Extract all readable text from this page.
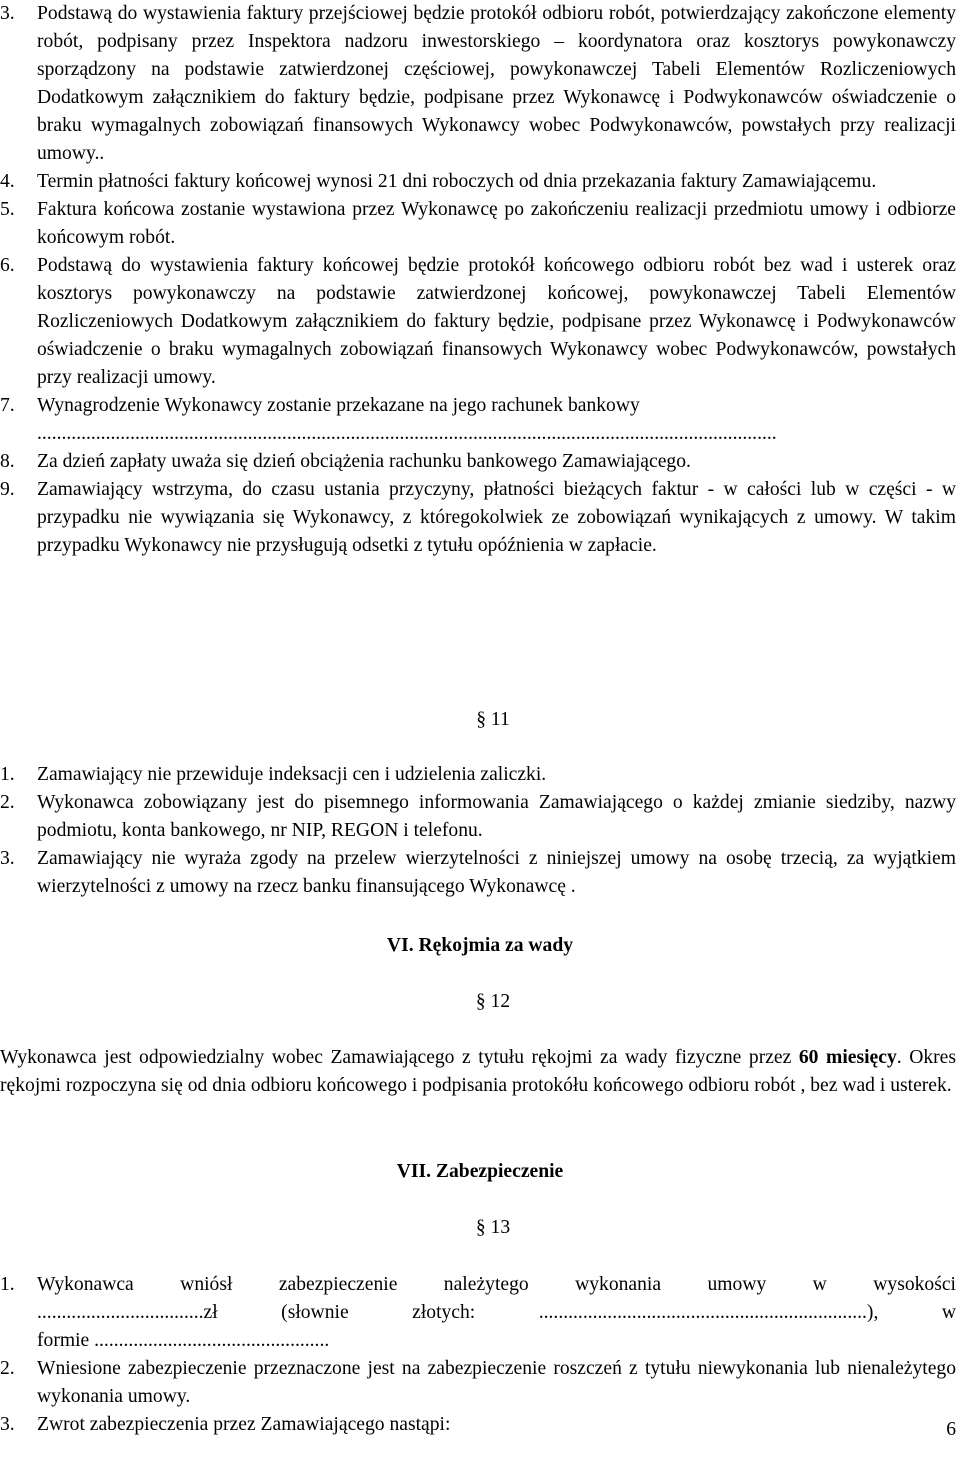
3. Podstawą do wystawienia faktury przejściowej będzie protokół odbioru robót, potwierdzający zakończone elementy robót, podpisany przez Inspektora nadzoru inwestorskiego – koordynatora oraz kosztorys powykonawczy sporządzony na podstawie zatwierdzonej częściowej, powykonawczej Tabeli Elementów Rozliczeniowych Dodatkowym załącznikiem do faktury będzie, podpisane przez Wykonawcę i Podwykonawców oświadczenie o braku wymagalnych zobowiązań finansowych Wykonawcy wobec Podwykonawców, powstałych przy realizacji umowy..
4. Termin płatności faktury końcowej wynosi 21 dni roboczych od dnia przekazania faktury Zamawiającemu.
5. Faktura końcowa zostanie wystawiona przez Wykonawcę po zakończeniu realizacji przedmiotu umowy i odbiorze końcowym robót.
6. Podstawą do wystawienia faktury końcowej będzie protokół końcowego odbioru robót bez wad i usterek oraz kosztorys powykonawczy na podstawie zatwierdzonej końcowej, powykonawczej Tabeli Elementów Rozliczeniowych Dodatkowym załącznikiem do faktury będzie, podpisane przez Wykonawcę i Podwykonawców oświadczenie o braku wymagalnych zobowiązań finansowych Wykonawcy wobec Podwykonawców, powstałych przy realizacji umowy.
7. Wynagrodzenie Wykonawcy zostanie przekazane na jego rachunek bankowy
.......................................................................................................................................................
8. Za dzień zapłaty uważa się dzień obciążenia rachunku bankowego Zamawiającego.
9. Zamawiający wstrzyma, do czasu ustania przyczyny, płatności bieżących faktur - w całości lub w części - w przypadku nie wywiązania się Wykonawcy, z któregokolwiek ze zobowiązań wynikających z umowy. W takim przypadku Wykonawcy nie przysługują odsetki z tytułu opóźnienia w zapłacie.
§ 11
1. Zamawiający nie przewiduje indeksacji cen i udzielenia zaliczki.
2. Wykonawca zobowiązany jest do pisemnego informowania Zamawiającego o każdej zmianie siedziby, nazwy podmiotu, konta bankowego, nr NIP, REGON i telefonu.
3. Zamawiający nie wyraża zgody na przelew wierzytelności z niniejszej umowy na osobę trzecią, za wyjątkiem wierzytelności z umowy na rzecz banku finansującego Wykonawcę .
VI. Rękojmia za wady
§ 12
Wykonawca jest odpowiedzialny wobec Zamawiającego z tytułu rękojmi za wady fizyczne przez 60 miesięcy. Okres rękojmi rozpoczyna się od dnia odbioru końcowego i podpisania protokółu końcowego odbioru robót , bez wad i usterek.
VII. Zabezpieczenie
§ 13
1. Wykonawca wniósł zabezpieczenie należytego wykonania umowy w wysokości
..................................zł (słownie złotych: ...................................................................), w
formie ................................................
2. Wniesione zabezpieczenie przeznaczone jest na zabezpieczenie roszczeń z tytułu niewykonania lub nienależytego wykonania umowy.
3. Zwrot zabezpieczenia przez Zamawiającego nastąpi:	6
